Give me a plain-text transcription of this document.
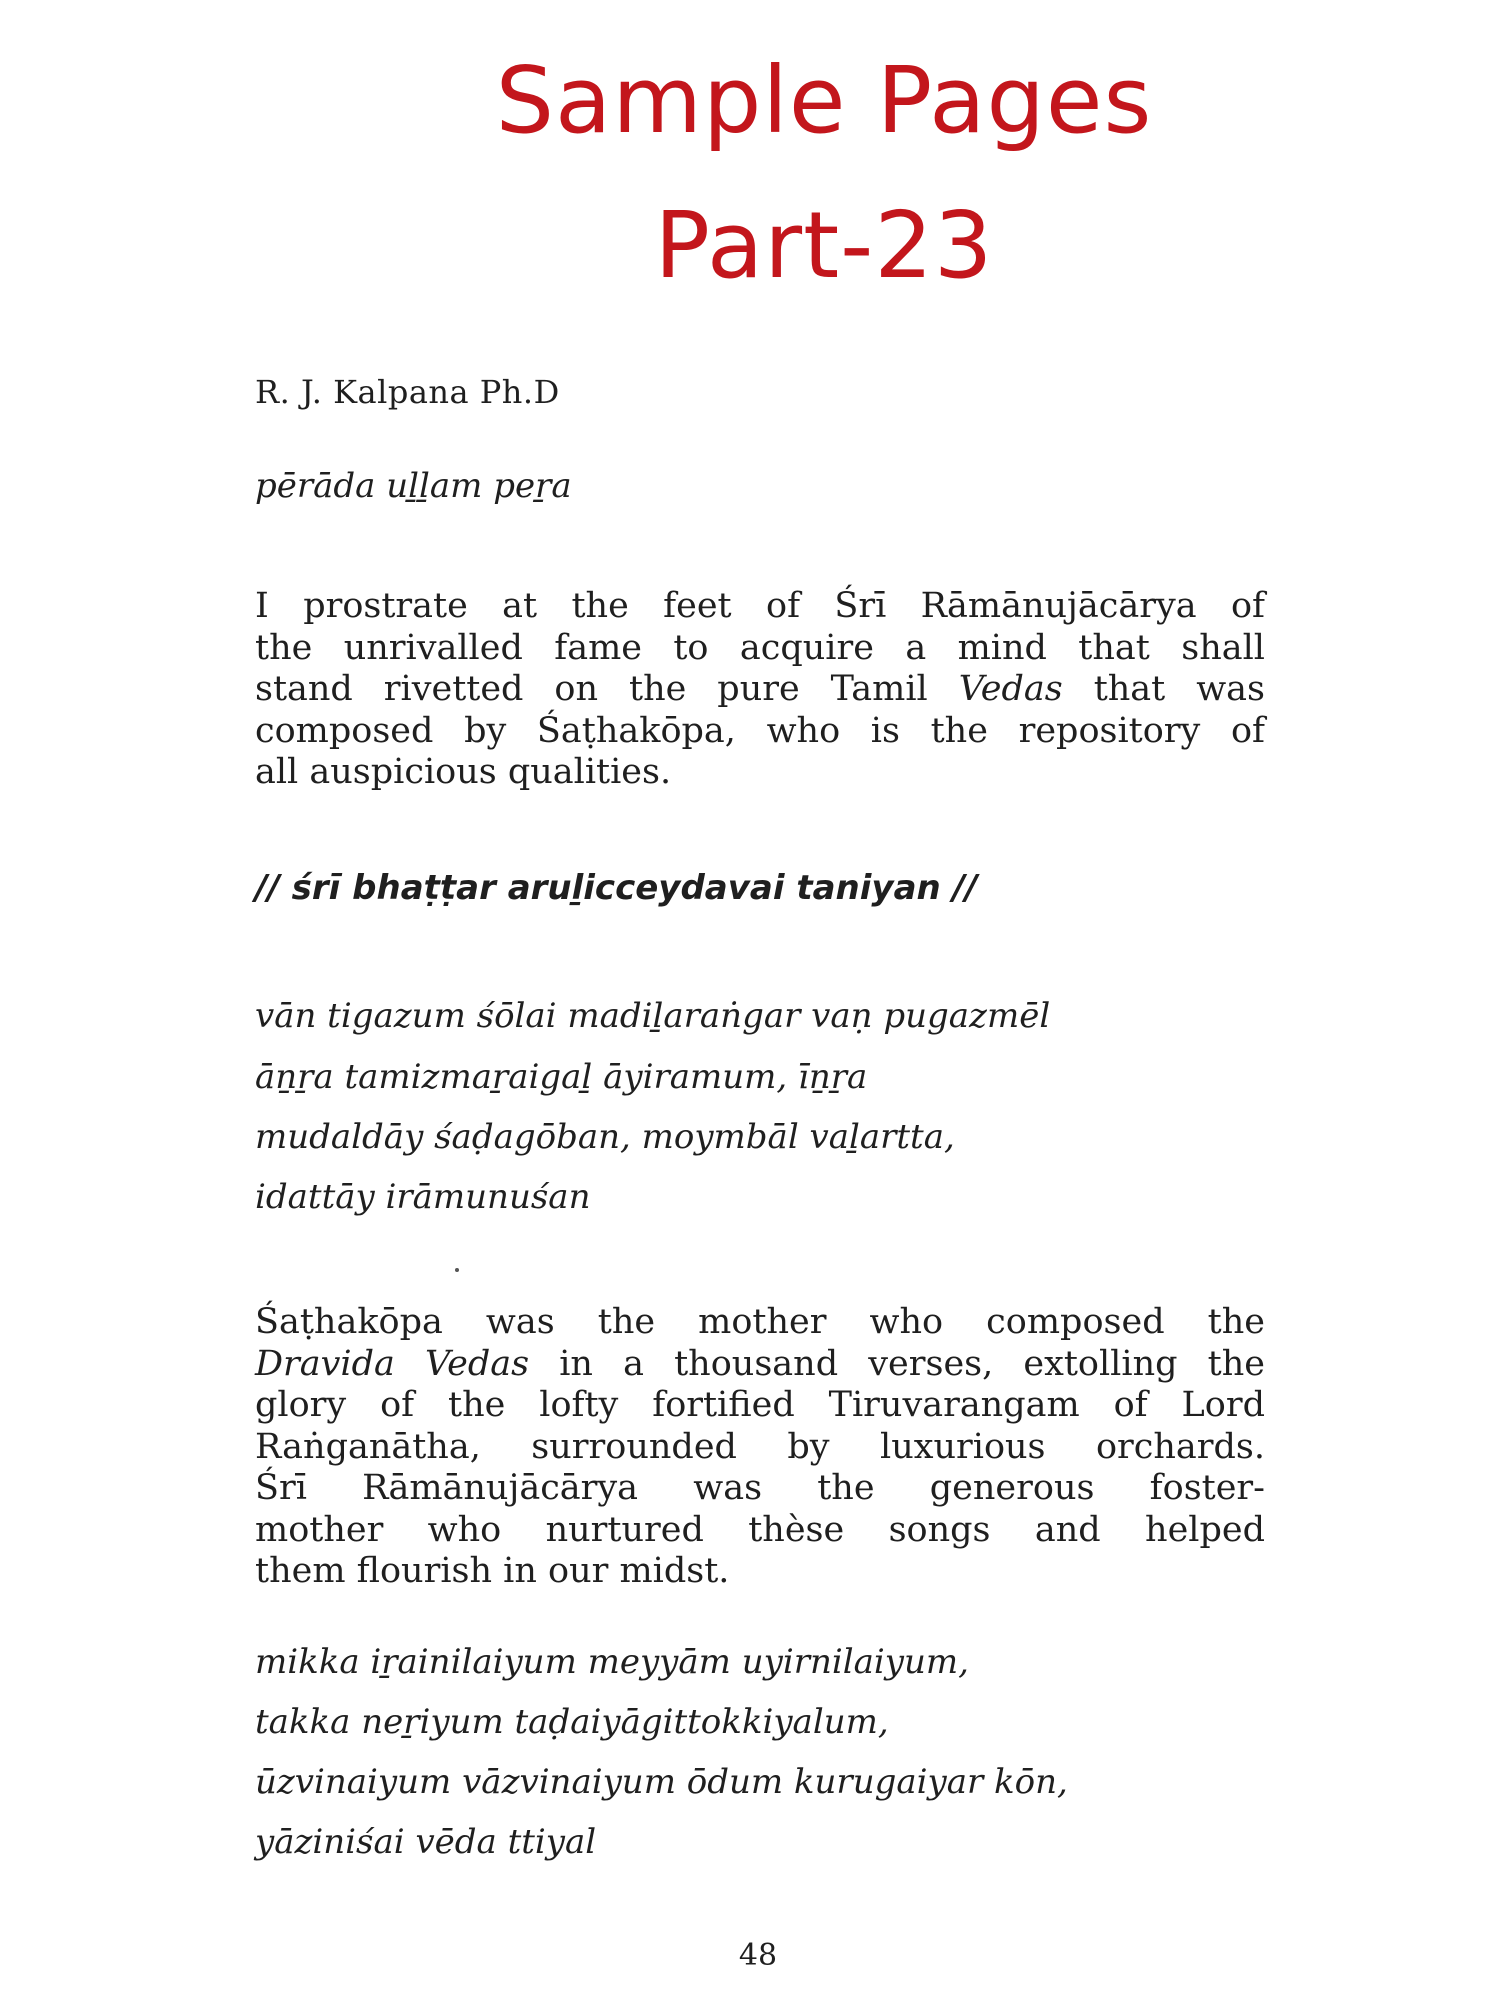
Sample Pages
Part-23
R. J. Kalpana Ph.D
pērāda uḻḻam peṟa
I prostrate at the feet of Śrī Rāmānujācārya of
the unrivalled fame to acquire a mind that shall
stand rivetted on the pure Tamil Vedas that was
composed by Śaṭhakōpa, who is the repository of
all auspicious qualities.
// śrī bhaṭṭar aruḻicceydavai taniyan //
vān tigazum śōlai madiḻaraṅgar vaṇ pugazmēl
āṉṟa tamizmaṟaigaḻ āyiramum, īṉṟa
mudaldāy śaḍagōban, moymbāl vaḻartta,
idattāy irāmunuśan
Śaṭhakōpa was the mother who composed the
Dravida Vedas in a thousand verses, extolling the
glory of the lofty fortified Tiruvarangam of Lord
Raṅganātha, surrounded by luxurious orchards.
Śrī Rāmānujācārya was the generous foster-
mother who nurtured thèse songs and helped
them flourish in our midst.
mikka iṟainilaiyum meyyām uyirnilaiyum,
takka neṟiyum taḍaiyāgittokkiyalum,
ūzvinaiyum vāzvinaiyum ōdum kurugaiyar kōn,
yāziniśai vēda ttiyal
48
